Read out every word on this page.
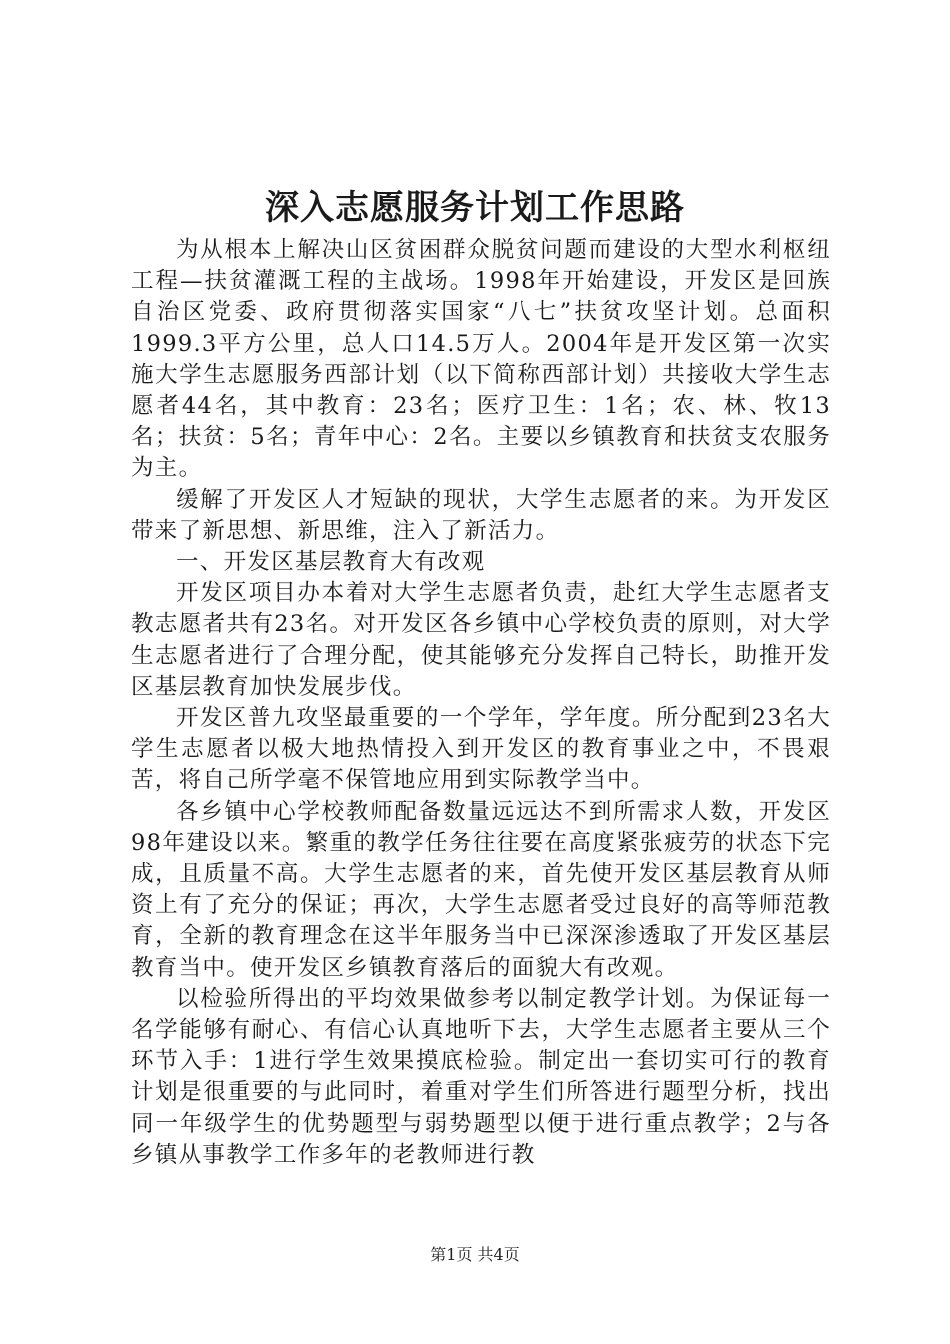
深入志愿服务计划工作思路

为从根本上解决山区贫困群众脱贫问题而建设的大型水利枢纽工程—扶贫灌溉工程的主战场。1998年开始建设，开发区是回族自治区党委、政府贯彻落实国家“八七”扶贫攻坚计划。总面积1999.3平方公里，总人口14.5万人。2004年是开发区第一次实施大学生志愿服务西部计划（以下简称西部计划）共接收大学生志愿者44名，其中教育：23名；医疗卫生：1名；农、林、牧13名；扶贫：5名；青年中心：2名。主要以乡镇教育和扶贫支农服务为主。

缓解了开发区人才短缺的现状，大学生志愿者的来。为开发区带来了新思想、新思维，注入了新活力。

一、开发区基层教育大有改观

开发区项目办本着对大学生志愿者负责，赴红大学生志愿者支教志愿者共有23名。对开发区各乡镇中心学校负责的原则，对大学生志愿者进行了合理分配，使其能够充分发挥自己特长，助推开发区基层教育加快发展步伐。

开发区普九攻坚最重要的一个学年，学年度。所分配到23名大学生志愿者以极大地热情投入到开发区的教育事业之中，不畏艰苦，将自己所学毫不保管地应用到实际教学当中。

各乡镇中心学校教师配备数量远远达不到所需求人数，开发区98年建设以来。繁重的教学任务往往要在高度紧张疲劳的状态下完成，且质量不高。大学生志愿者的来，首先使开发区基层教育从师资上有了充分的保证；再次，大学生志愿者受过良好的高等师范教育，全新的教育理念在这半年服务当中已深深渗透取了开发区基层教育当中。使开发区乡镇教育落后的面貌大有改观。

以检验所得出的平均效果做参考以制定教学计划。为保证每一名学能够有耐心、有信心认真地听下去，大学生志愿者主要从三个环节入手：1进行学生效果摸底检验。制定出一套切实可行的教育计划是很重要的与此同时，着重对学生们所答进行题型分析，找出同一年级学生的优势题型与弱势题型以便于进行重点教学；2与各乡镇从事教学工作多年的老教师进行教

第1页 共4页
